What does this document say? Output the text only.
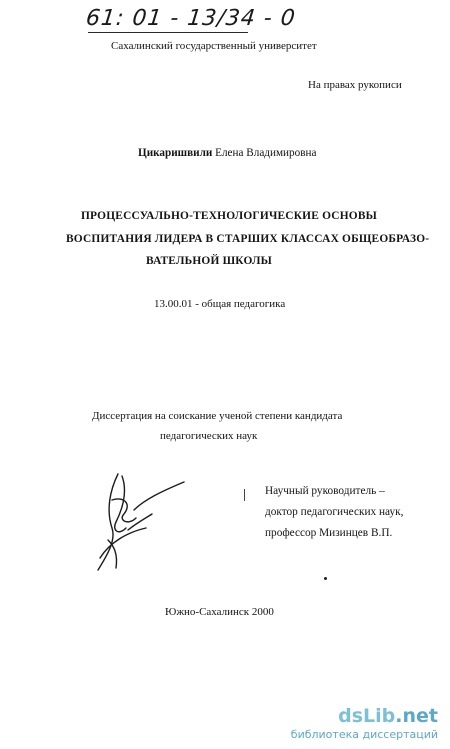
61: 01 - 13/34 - 0
Сахалинский государственный университет
На правах рукописи
Цикаришвили Елена Владимировна
ПРОЦЕССУАЛЬНО-ТЕХНОЛОГИЧЕСКИЕ ОСНОВЫ
ВОСПИТАНИЯ ЛИДЕРА В СТАРШИХ КЛАССАХ ОБЩЕОБРАЗО-
ВАТЕЛЬНОЙ ШКОЛЫ
13.00.01 - общая педагогика
Диссертация на соискание ученой степени кандидата
педагогических наук
Научный руководитель –
доктор педагогических наук,
профессор Мизинцев В.П.
Южно-Сахалинск 2000
dsLib.net
библиотека диссертаций
